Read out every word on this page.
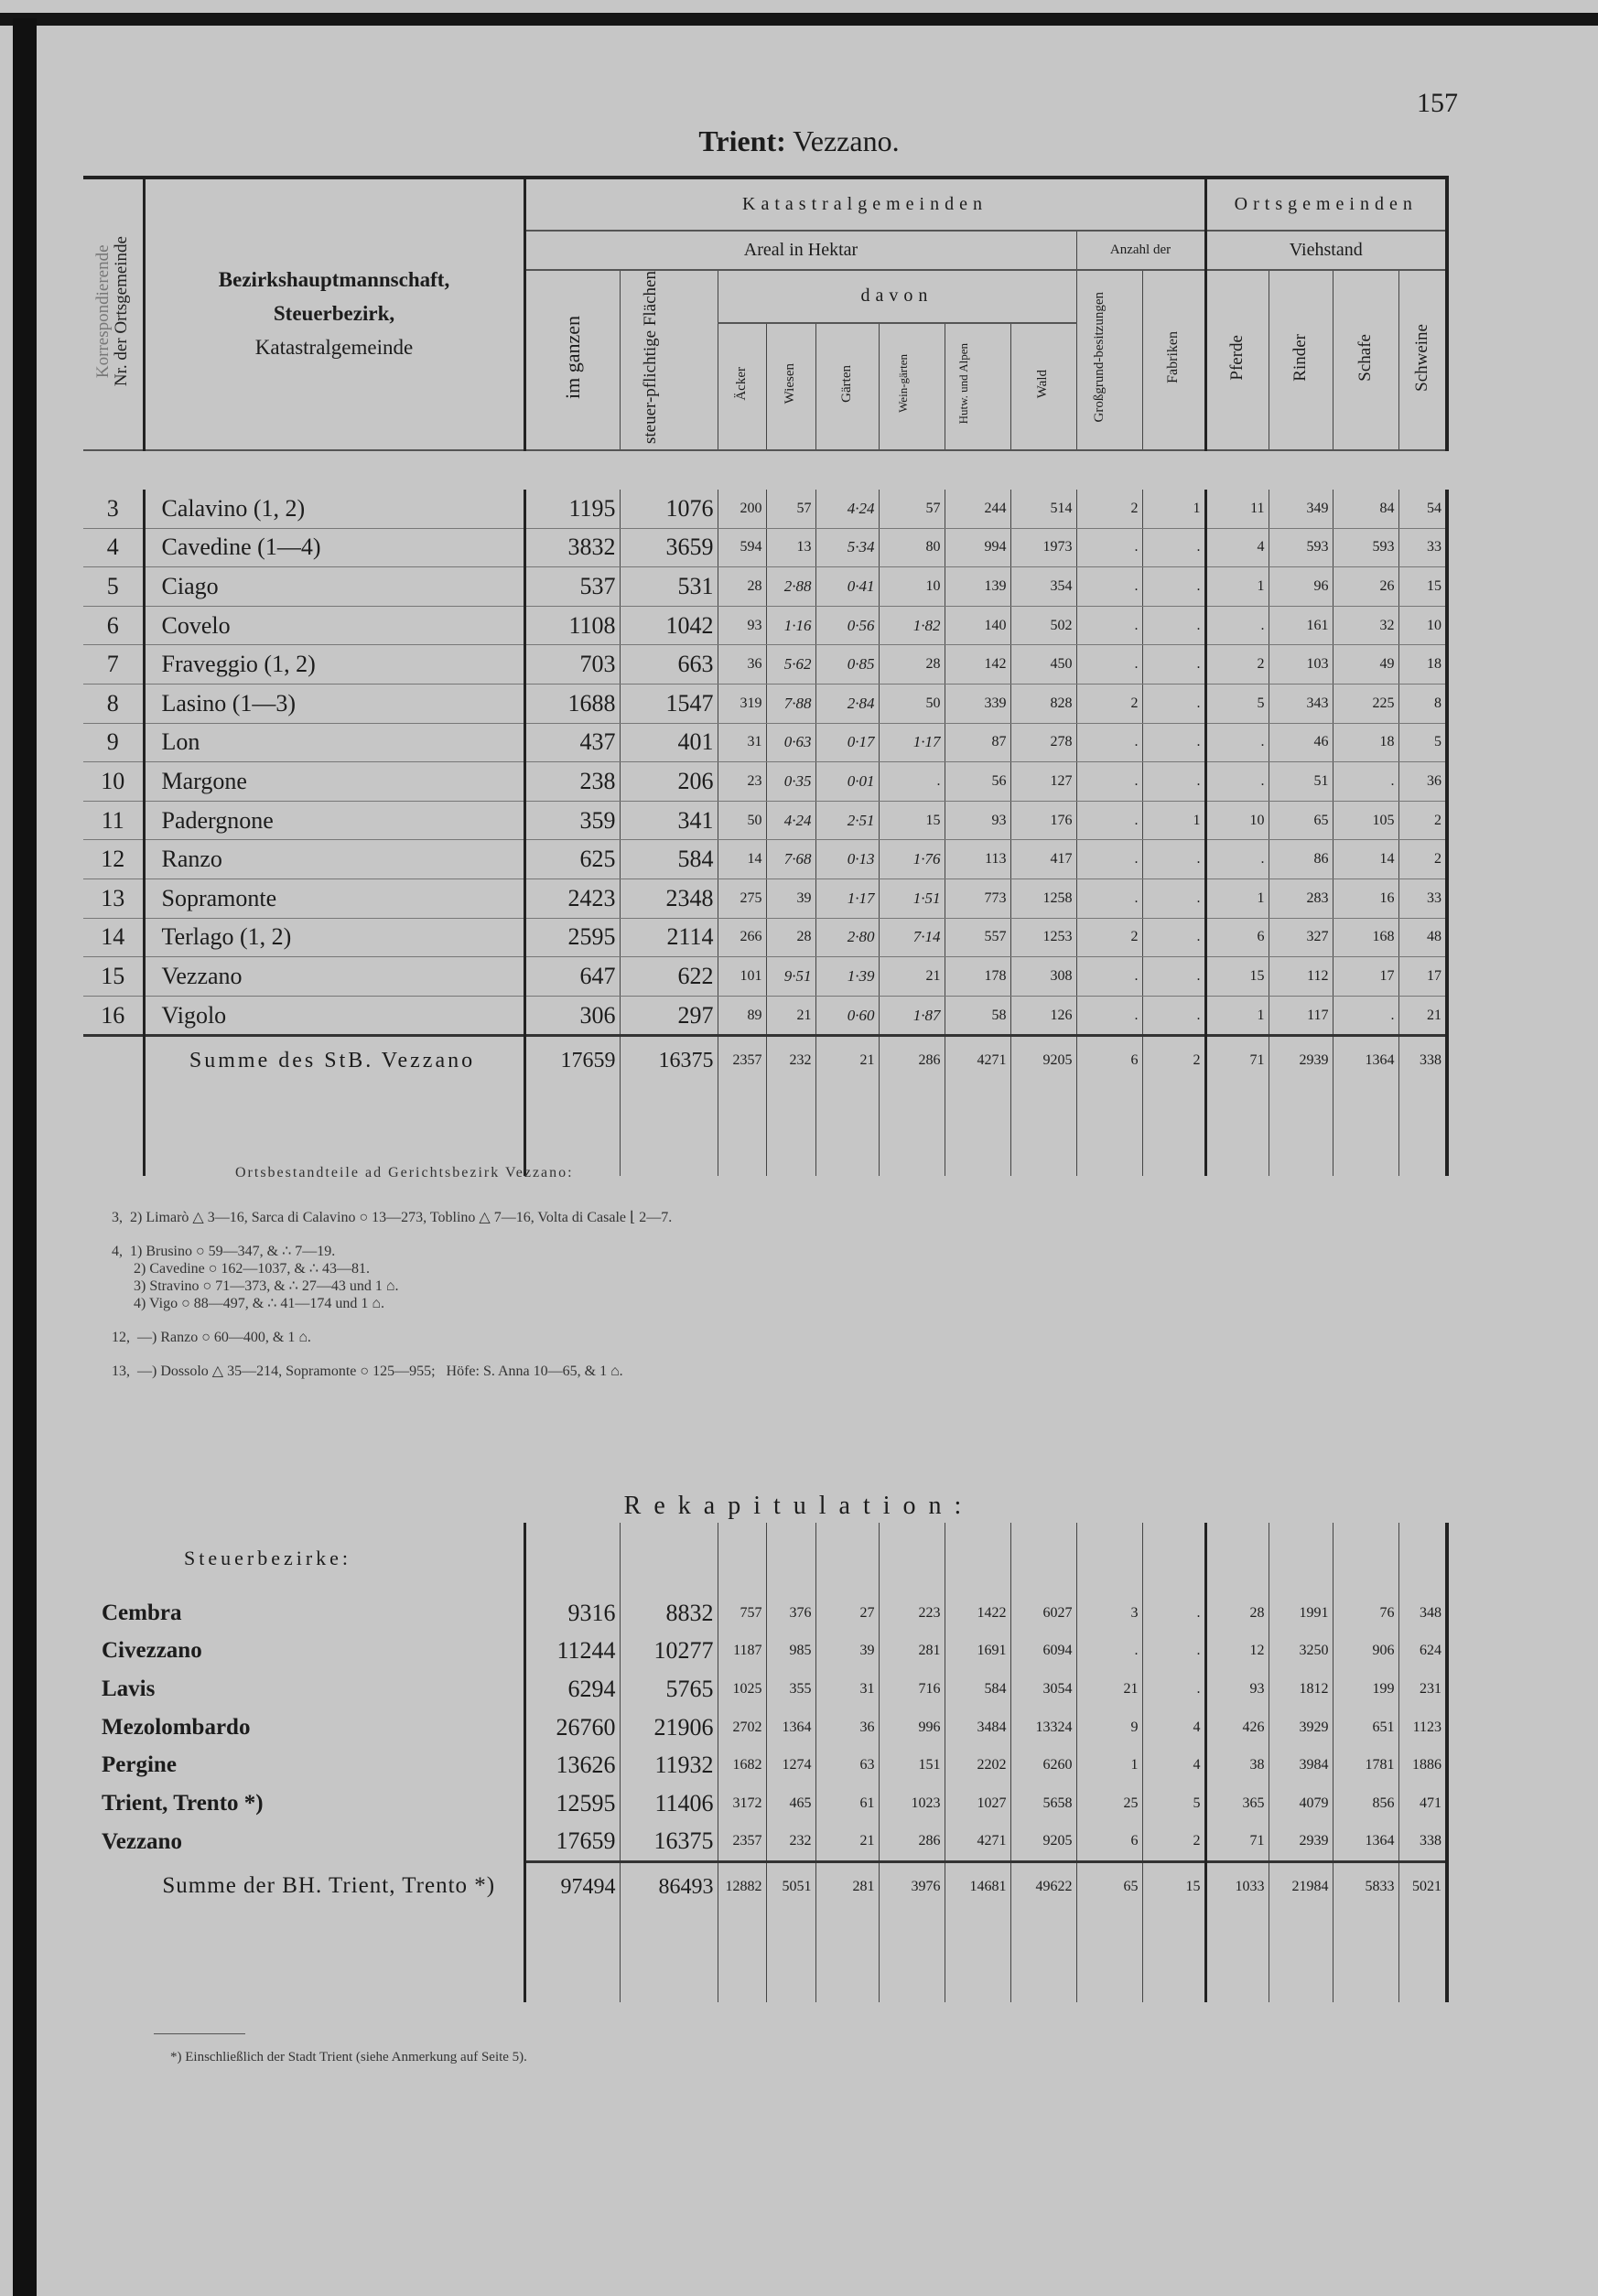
157
Trient: Vezzano.
Korrespondierende
Nr. der Ortsgemeinde	Bezirkshauptmannschaft,
Steuerbezirk,
Katastralgemeinde	Katastralgemeinden										Ortsgemeinden			
		Areal in Hektar								Anzahl der		Viehstand			
		im ganzen	steuer-pflichtige Flächen	davon						Großgrund-besitzungen	Fabriken	Pferde	Rinder	Schafe	Schweine
				Äcker	Wiesen	Gärten	Wein-gärten	Hutw. und Alpen	Wald						

3	Calavino (1, 2)	1195	1076	200	57	4·24	57	244	514	2	1	11	349	84	54
4	Cavedine (1—4)	3832	3659	594	13	5·34	80	994	1973	.	.	4	593	593	33
5	Ciago	537	531	28	2·88	0·41	10	139	354	.	.	1	96	26	15
6	Covelo	1108	1042	93	1·16	0·56	1·82	140	502	.	.	.	161	32	10
7	Fraveggio (1, 2)	703	663	36	5·62	0·85	28	142	450	.	.	2	103	49	18
8	Lasino (1—3)	1688	1547	319	7·88	2·84	50	339	828	2	.	5	343	225	8
9	Lon	437	401	31	0·63	0·17	1·17	87	278	.	.	.	46	18	5
10	Margone	238	206	23	0·35	0·01	.	56	127	.	.	.	51	.	36
11	Padergnone	359	341	50	4·24	2·51	15	93	176	.	1	10	65	105	2
12	Ranzo	625	584	14	7·68	0·13	1·76	113	417	.	.	.	86	14	2
13	Sopramonte	2423	2348	275	39	1·17	1·51	773	1258	.	.	1	283	16	33
14	Terlago (1, 2)	2595	2114	266	28	2·80	7·14	557	1253	2	.	6	327	168	48
15	Vezzano	647	622	101	9·51	1·39	21	178	308	.	.	15	112	17	17
16	Vigolo	306	297	89	21	0·60	1·87	58	126	.	.	1	117	.	21
	Summe des StB. Vezzano	17659	16375	2357	232	21	286	4271	9205	6	2	71	2939	1364	338

Ortsbestandteile ad Gerichtsbezirk Vezzano:
3,  2) Limarò △ 3—16, Sarca di Calavino ○ 13—273, Toblino △ 7—16, Volta di Casale ⌊ 2—7.
4,  1) Brusino ○ 59—347, & ∴ 7—19.
2) Cavedine ○ 162—1037, & ∴ 43—81.
3) Stravino ○ 71—373, & ∴ 27—43 und 1 ⌂.
4) Vigo ○ 88—497, & ∴ 41—174 und 1 ⌂.
12,  —) Ranzo ○ 60—400, & 1 ⌂.
13,  —) Dossolo △ 35—214, Sopramonte ○ 125—955;   Höfe: S. Anna 10—65, & 1 ⌂.
Rekapitulation:
Steuerbezirke:														
Cembra	9316	8832	757	376	27	223	1422	6027	3	.	28	1991	76	348
Civezzano	11244	10277	1187	985	39	281	1691	6094	.	.	12	3250	906	624
Lavis	6294	5765	1025	355	31	716	584	3054	21	.	93	1812	199	231
Mezolombardo	26760	21906	2702	1364	36	996	3484	13324	9	4	426	3929	651	1123
Pergine	13626	11932	1682	1274	63	151	2202	6260	1	4	38	3984	1781	1886
Trient, Trento *)	12595	11406	3172	465	61	1023	1027	5658	25	5	365	4079	856	471
Vezzano	17659	16375	2357	232	21	286	4271	9205	6	2	71	2939	1364	338
Summe der BH. Trient, Trento *)	97494	86493	12882	5051	281	3976	14681	49622	65	15	1033	21984	5833	5021

*) Einschließlich der Stadt Trient (siehe Anmerkung auf Seite 5).
